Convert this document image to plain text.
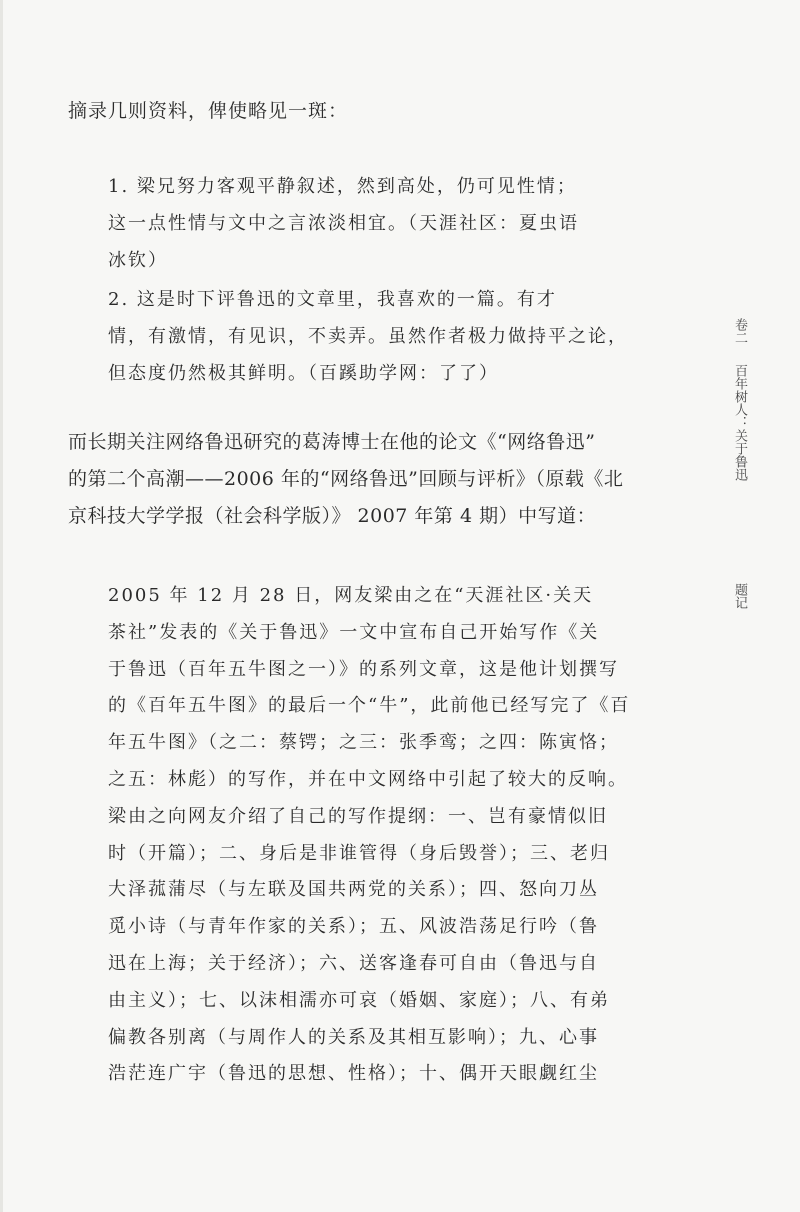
摘录几则资料，俾使略见一斑：

1. 梁兄努力客观平静叙述，然到高处，仍可见性情；
这一点性情与文中之言浓淡相宜。（天涯社区：夏虫语
冰钦）

2. 这是时下评鲁迅的文章里，我喜欢的一篇。有才
情，有激情，有见识，不卖弄。虽然作者极力做持平之论，
但态度仍然极其鲜明。（百蹊助学网：了了）

而长期关注网络鲁迅研究的葛涛博士在他的论文《“网络鲁迅”
的第二个高潮——2006 年的“网络鲁迅”回顾与评析》（原载《北
京科技大学学报（社会科学版）》 2007 年第 4 期）中写道：

2005 年 12 月 28 日，网友梁由之在“天涯社区·关天
茶社”发表的《关于鲁迅》一文中宣布自己开始写作《关
于鲁迅（百年五牛图之一）》的系列文章，这是他计划撰写
的《百年五牛图》的最后一个“牛”，此前他已经写完了《百
年五牛图》（之二：蔡锷；之三：张季鸾；之四：陈寅恪；
之五：林彪）的写作，并在中文网络中引起了较大的反响。
梁由之向网友介绍了自己的写作提纲：一、岂有豪情似旧
时（开篇）；二、身后是非谁管得（身后毁誉）；三、老归
大泽菰蒲尽（与左联及国共两党的关系）；四、怒向刀丛
觅小诗（与青年作家的关系）；五、风波浩荡足行吟（鲁
迅在上海；关于经济）；六、送客逢春可自由（鲁迅与自
由主义）；七、以沫相濡亦可哀（婚姻、家庭）；八、有弟
偏教各别离（与周作人的关系及其相互影响）；九、心事
浩茫连广宇（鲁迅的思想、性格）；十、偶开天眼觑红尘

卷二
百年树人：关于鲁迅
题记
